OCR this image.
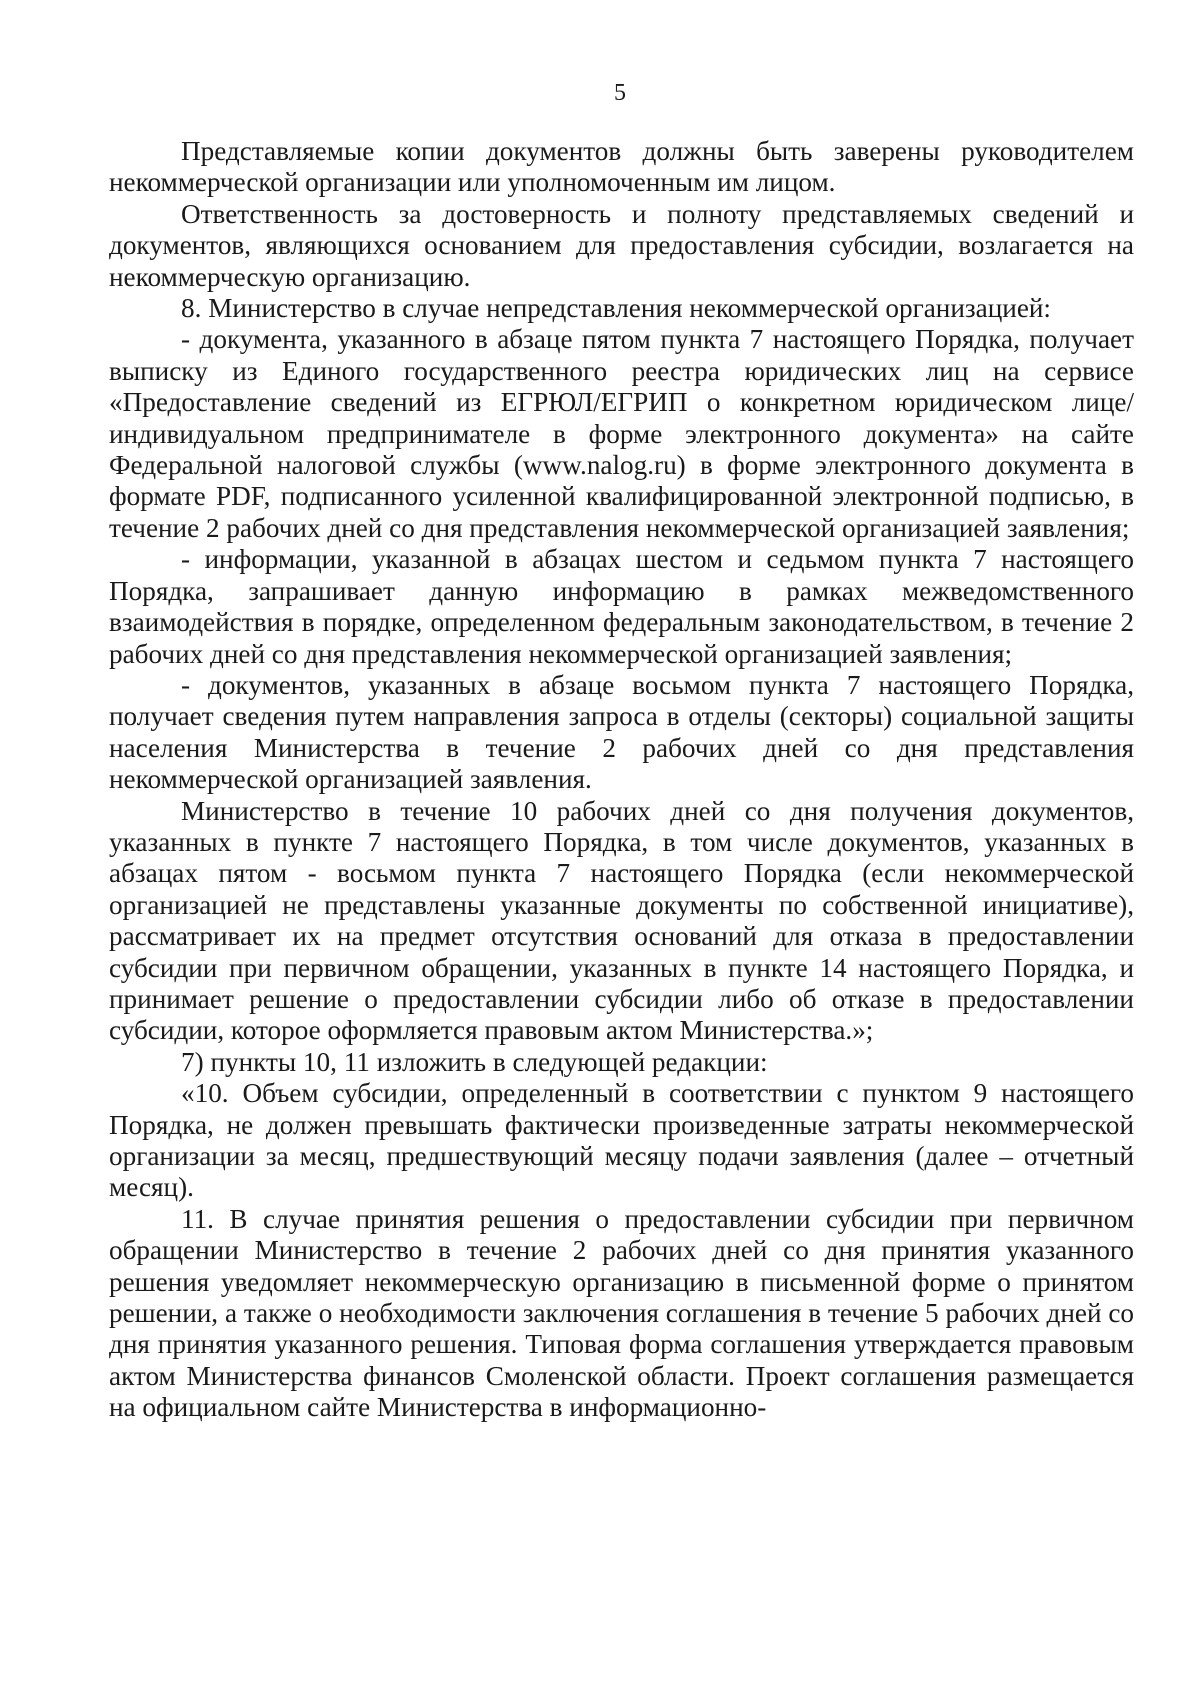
5

Представляемые копии документов должны быть заверены руководителем некоммерческой организации или уполномоченным им лицом.

Ответственность за достоверность и полноту представляемых сведений и документов, являющихся основанием для предоставления субсидии, возлагается на некоммерческую организацию.

8. Министерство в случае непредставления некоммерческой организацией:

- документа, указанного в абзаце пятом пункта 7 настоящего Порядка, получает выписку из Единого государственного реестра юридических лиц на сервисе «Предоставление сведений из ЕГРЮЛ/ЕГРИП о конкретном юридическом лице/индивидуальном предпринимателе в форме электронного документа» на сайте Федеральной налоговой службы (www.nalog.ru) в форме электронного документа в формате PDF, подписанного усиленной квалифицированной электронной подписью, в течение 2 рабочих дней со дня представления некоммерческой организацией заявления;

- информации, указанной в абзацах шестом и седьмом пункта 7 настоящего Порядка, запрашивает данную информацию в рамках межведомственного взаимодействия в порядке, определенном федеральным законодательством, в течение 2 рабочих дней со дня представления некоммерческой организацией заявления;

- документов, указанных в абзаце восьмом пункта 7 настоящего Порядка, получает сведения путем направления запроса в отделы (секторы) социальной защиты населения Министерства в течение 2 рабочих дней со дня представления некоммерческой организацией заявления.

Министерство в течение 10 рабочих дней со дня получения документов, указанных в пункте 7 настоящего Порядка, в том числе документов, указанных в абзацах пятом - восьмом пункта 7 настоящего Порядка (если некоммерческой организацией не представлены указанные документы по собственной инициативе), рассматривает их на предмет отсутствия оснований для отказа в предоставлении субсидии при первичном обращении, указанных в пункте 14 настоящего Порядка, и принимает решение о предоставлении субсидии либо об отказе в предоставлении субсидии, которое оформляется правовым актом Министерства.»;

7) пункты 10, 11 изложить в следующей редакции:

«10. Объем субсидии, определенный в соответствии с пунктом 9 настоящего Порядка, не должен превышать фактически произведенные затраты некоммерческой организации за месяц, предшествующий месяцу подачи заявления (далее – отчетный месяц).

11. В случае принятия решения о предоставлении субсидии при первичном обращении Министерство в течение 2 рабочих дней со дня принятия указанного решения уведомляет некоммерческую организацию в письменной форме о принятом решении, а также о необходимости заключения соглашения в течение 5 рабочих дней со дня принятия указанного решения. Типовая форма соглашения утверждается правовым актом Министерства финансов Смоленской области. Проект соглашения размещается на официальном сайте Министерства в информационно-
